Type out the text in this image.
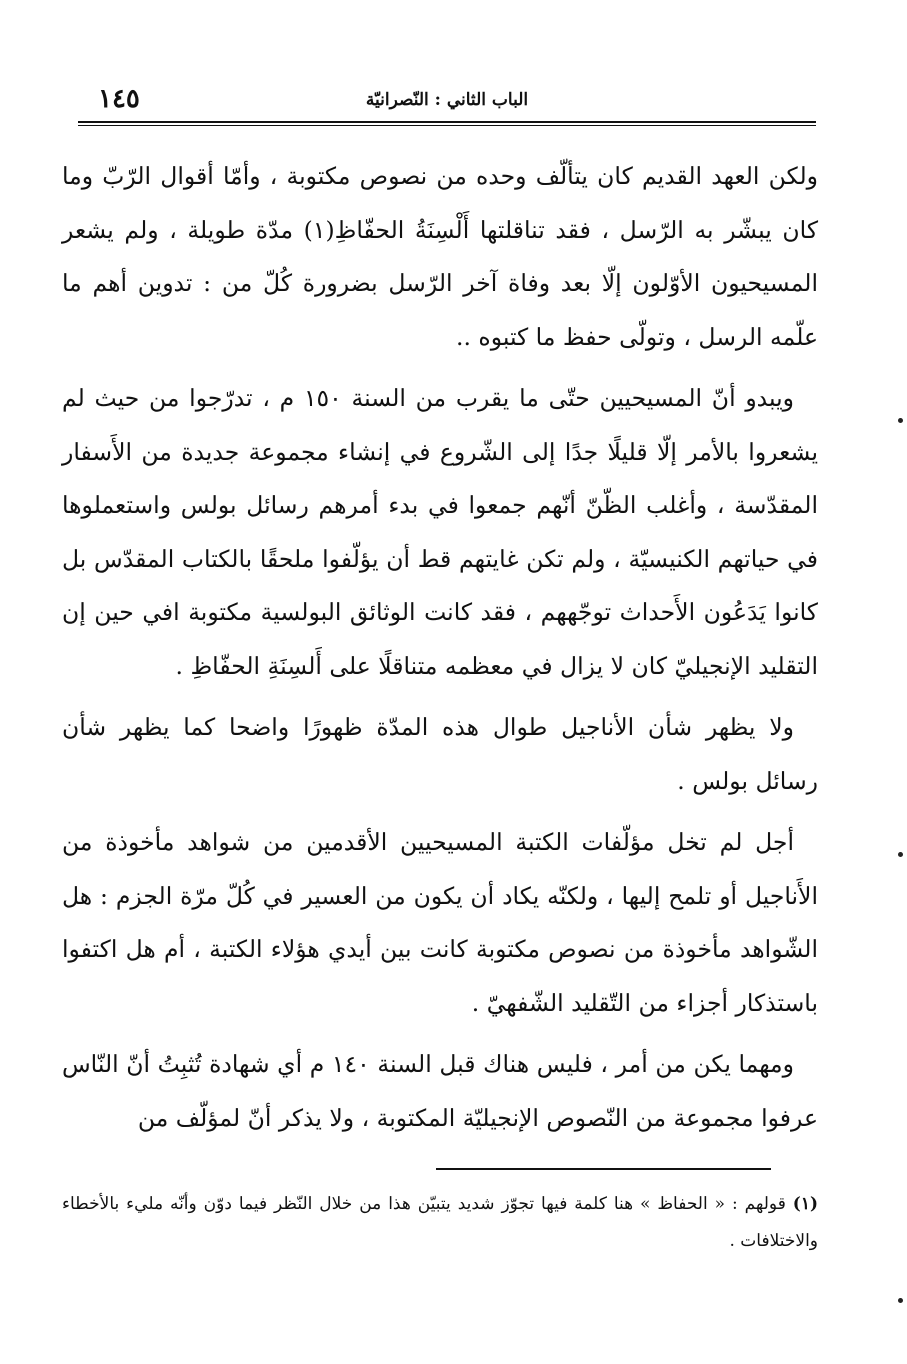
١٤٥	الباب الثاني : النّصرانيّة

ولكن العهد القديم كان يتألّف وحده من نصوص مكتوبة ، وأمّا أقوال الرّبّ وما كان يبشّر به الرّسل ، فقد تناقلتها أَلْسِنَةُ الحفّاظِ(١) مدّة طويلة ، ولم يشعر المسيحيون الأوّلون إلّا بعد وفاة آخر الرّسل بضرورة كُلّ من : تدوين أهم ما علّمه الرسل ، وتولّى حفظ ما كتبوه ..

ويبدو أنّ المسيحيين حتّى ما يقرب من السنة ١٥٠ م ، تدرّجوا من حيث لم يشعروا بالأمر إلّا قليلًا جدًا إلى الشّروع في إنشاء مجموعة جديدة من الأَسفار المقدّسة ، وأغلب الظّنّ أنّهم جمعوا في بدء أمرهم رسائل بولس واستعملوها في حياتهم الكنيسيّة ، ولم تكن غايتهم قط أن يؤلّفوا ملحقًا بالكتاب المقدّس بل كانوا يَدَعُون الأَحداث توجّههم ، فقد كانت الوثائق البولسية مكتوبة افي حين إن التقليد الإنجيليّ كان لا يزال في معظمه متناقلًا على أَلسِنَةِ الحفّاظِ .

ولا يظهر شأن الأناجيل طوال هذه المدّة ظهورًا واضحا كما يظهر شأن رسائل بولس .

أجل لم تخل مؤلّفات الكتبة المسيحيين الأقدمين من شواهد مأخوذة من الأَناجيل أو تلمح إليها ، ولكنّه يكاد أن يكون من العسير في كُلّ مرّة الجزم : هل الشّواهد مأخوذة من نصوص مكتوبة كانت بين أيدي هؤلاء الكتبة ، أم هل اكتفوا باستذكار أجزاء من التّقليد الشّفهيّ .

ومهما يكن من أمر ، فليس هناك قبل السنة ١٤٠ م أي شهادة تُثبِتُ أنّ النّاس عرفوا مجموعة من النّصوص الإنجيليّة المكتوبة ، ولا يذكر أنّ لمؤلّف من

(١) قولهم : « الحفاظ » هنا كلمة فيها تجوّز شديد يتبيّن هذا من خلال النّظر فيما دوّن وأنّه مليء بالأخطاء والاختلافات .
